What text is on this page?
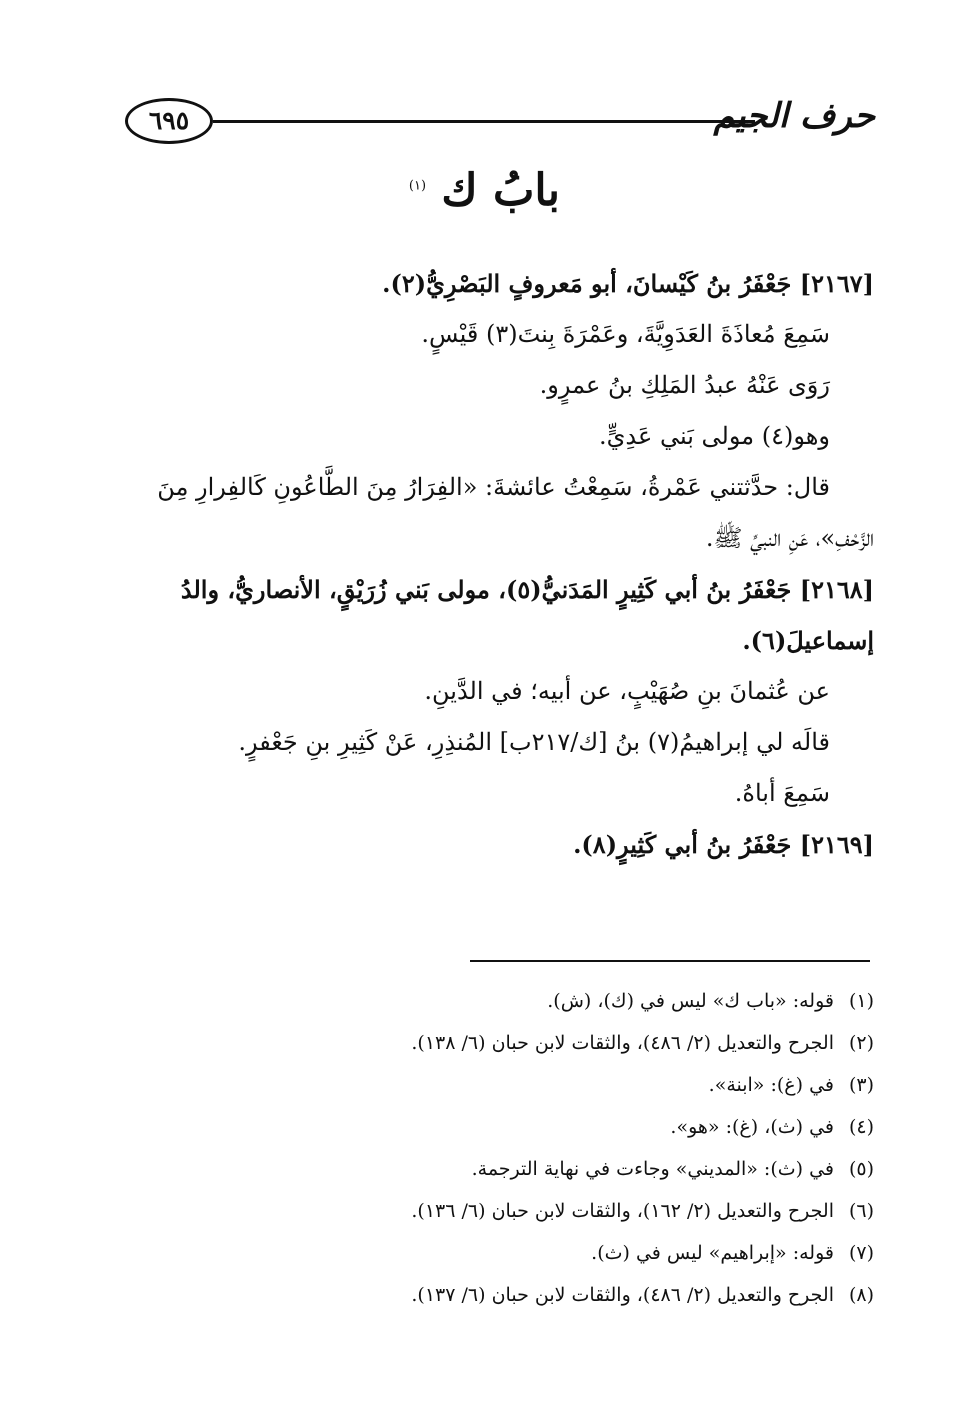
حرف الجيم
٦٩٥
بابُ ك $^{(١)}$
[٢١٦٧] جَعْفَرُ بنُ كَيْسانَ، أبو مَعروفٍ البَصْرِيُّ(٢).
سَمِعَ مُعاذَةَ العَدَوِيَّةَ، وعَمْرَةَ بِنتَ(٣) قَيْسٍ.
رَوَى عَنْهُ عبدُ المَلِكِ بنُ عمرٍو.
وهو(٤) مولى بَني عَدِيٍّ.
قال: حدَّثتني عَمْرةُ، سَمِعْتُ عائشةَ: «الفِرَارُ مِنَ الطَّاعُونِ كَالفِرارِ مِنَ
الزَّحْفِ»، عَنِ النبيِّ ﷺ.
[٢١٦٨] جَعْفَرُ بنُ أبي كَثِيرٍ المَدَنيُّ(٥)، مولى بَني زُرَيْقٍ، الأنصاريُّ، والدُ
إسماعيلَ(٦).
عن عُثمانَ بنِ صُهَيْبٍ، عن أبيه؛ في الدَّينِ.
قالَه لي إبراهيمُ(٧) بنُ [ك/٢١٧ب] المُنذِرِ، عَنْ كَثِيرِ بنِ جَعْفرٍ.
سَمِعَ أباهُ.
[٢١٦٩] جَعْفَرُ بنُ أبي كَثِيرٍ(٨).
(١)قوله: «باب ك» ليس في (ك)، (ش).
(٢)الجرح والتعديل (٢/ ٤٨٦)، والثقات لابن حبان (٦/ ١٣٨).
(٣)في (غ): «ابنة».
(٤)في (ث)، (غ): «هو».
(٥)في (ث): «المديني» وجاءت في نهاية الترجمة.
(٦)الجرح والتعديل (٢/ ١٦٢)، والثقات لابن حبان (٦/ ١٣٦).
(٧)قوله: «إبراهيم» ليس في (ث).
(٨)الجرح والتعديل (٢/ ٤٨٦)، والثقات لابن حبان (٦/ ١٣٧).
